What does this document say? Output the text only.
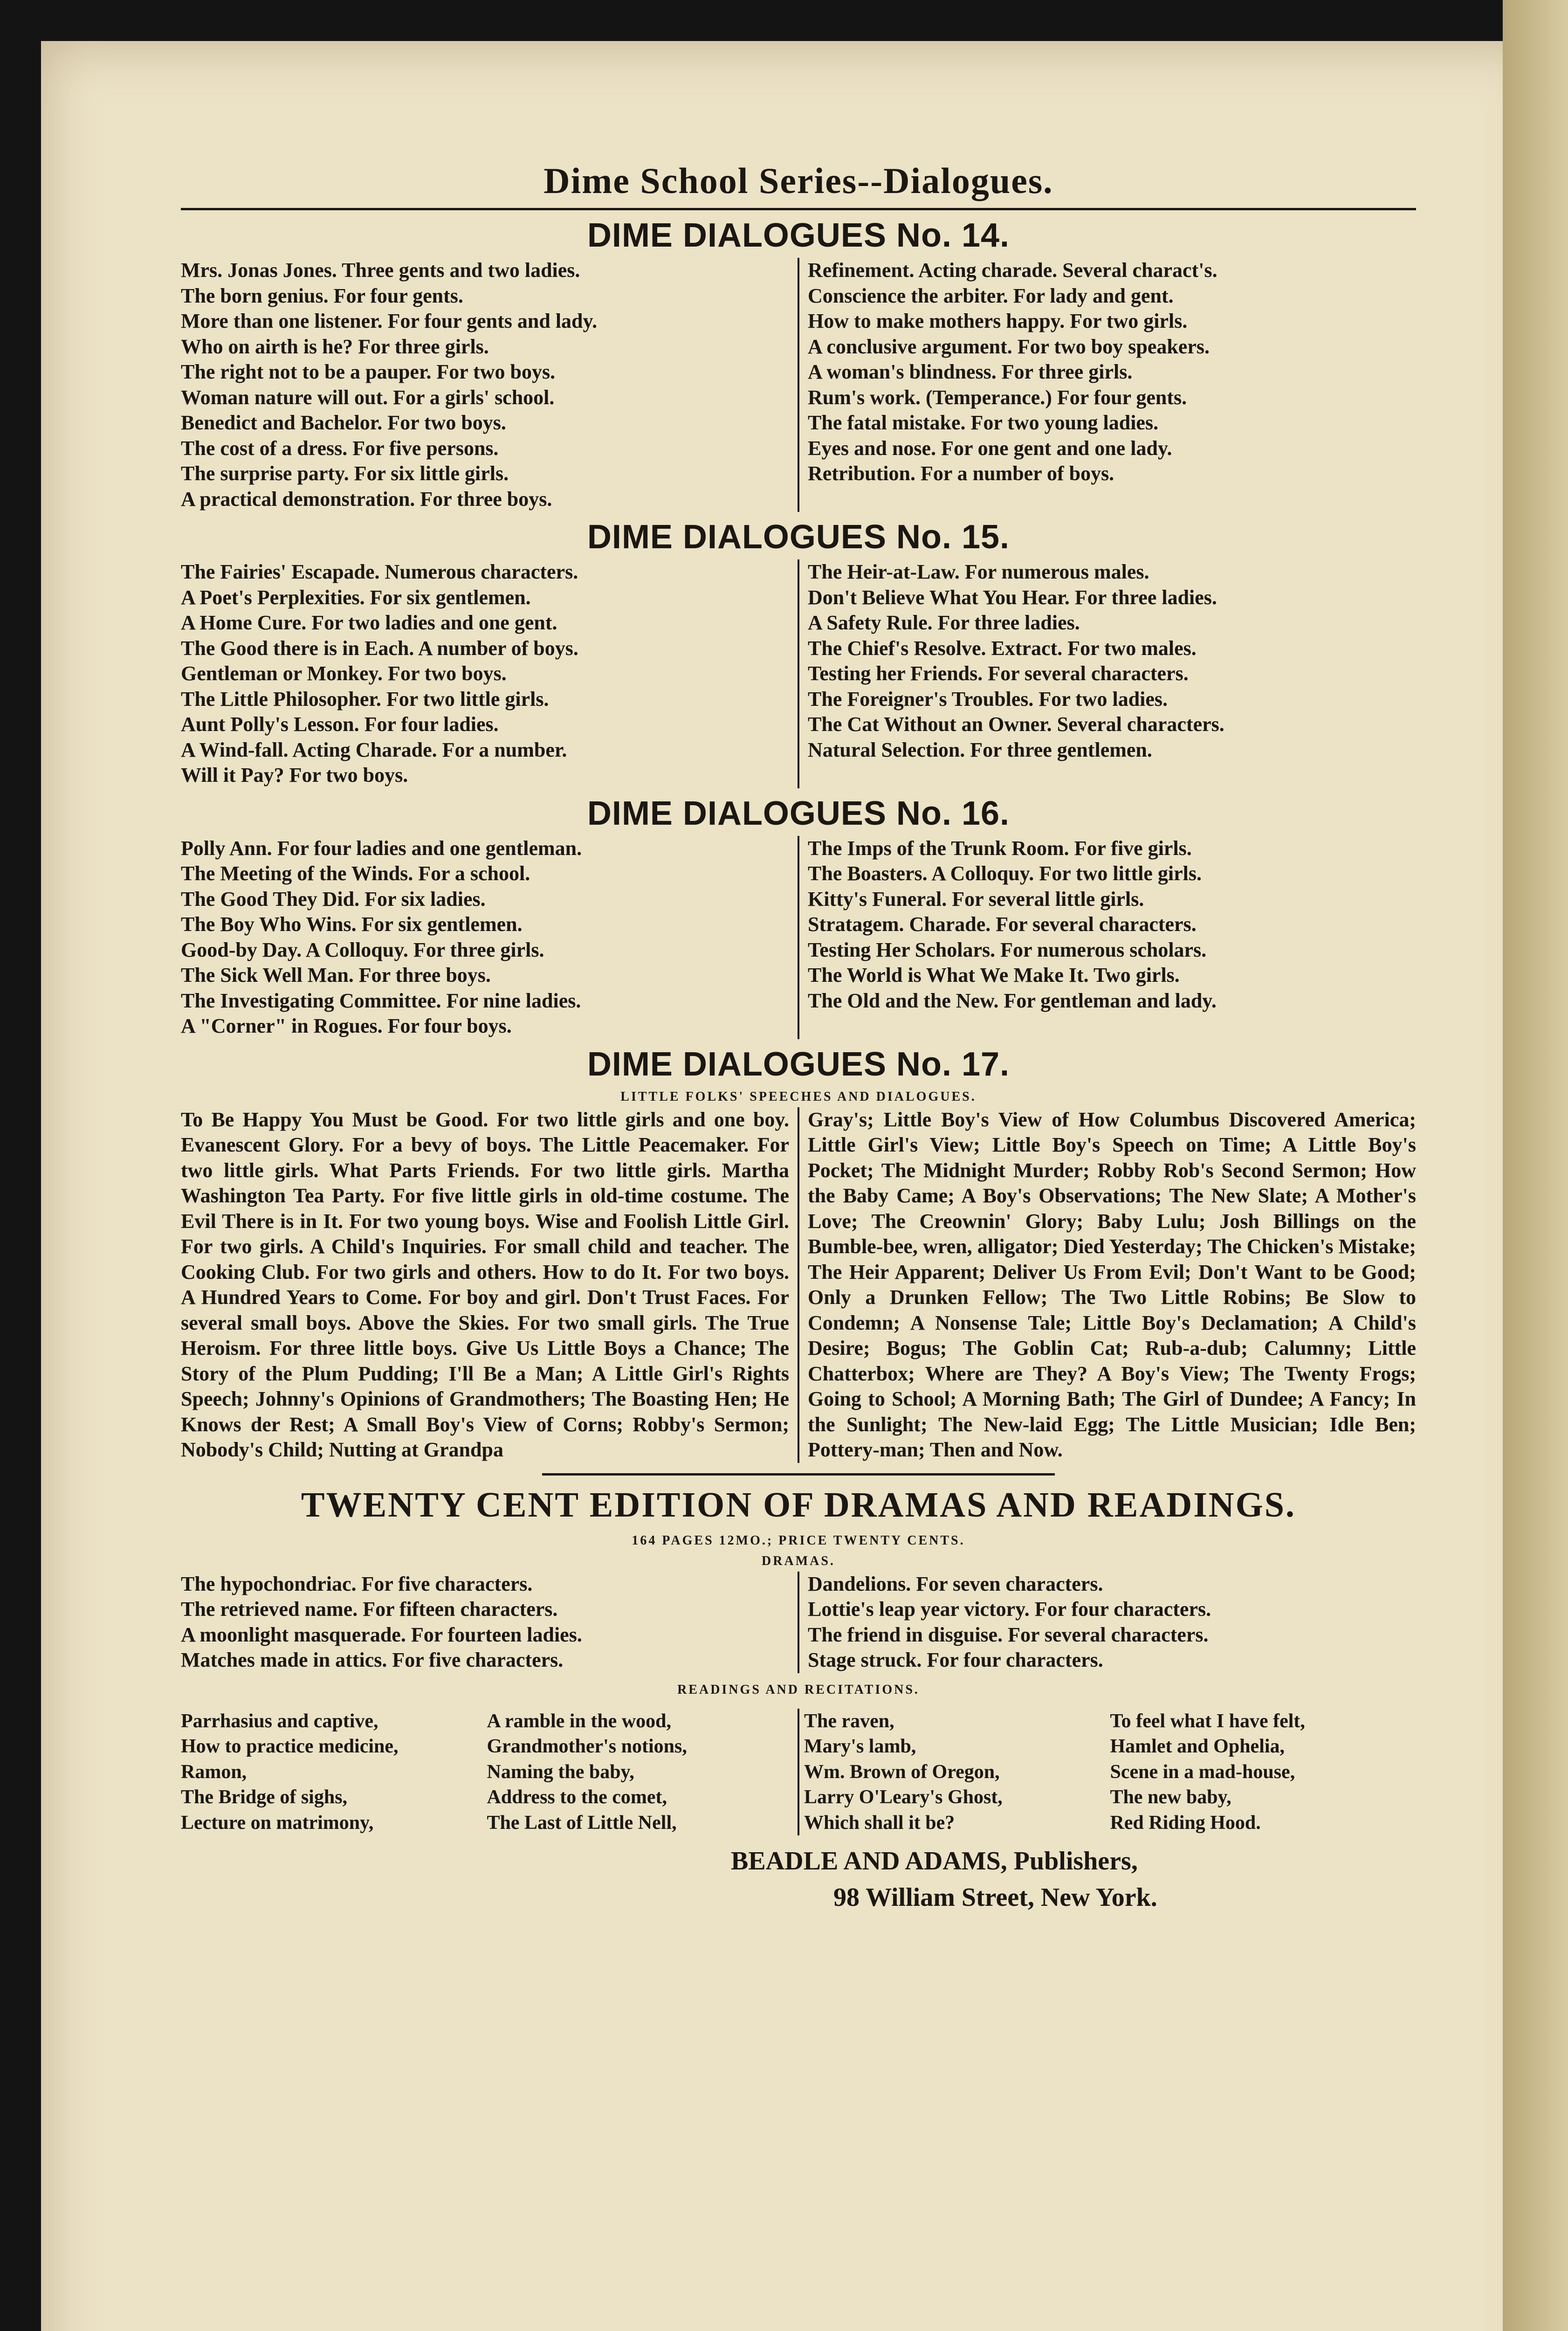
Dime School Series--Dialogues.
DIME DIALOGUES No. 14.
Mrs. Jonas Jones. Three gents and two ladies.
The born genius. For four gents.
More than one listener. For four gents and lady.
Who on airth is he? For three girls.
The right not to be a pauper. For two boys.
Woman nature will out. For a girls' school.
Benedict and Bachelor. For two boys.
The cost of a dress. For five persons.
The surprise party. For six little girls.
A practical demonstration. For three boys.
Refinement. Acting charade. Several charact's.
Conscience the arbiter. For lady and gent.
How to make mothers happy. For two girls.
A conclusive argument. For two boy speakers.
A woman's blindness. For three girls.
Rum's work. (Temperance.) For four gents.
The fatal mistake. For two young ladies.
Eyes and nose. For one gent and one lady.
Retribution. For a number of boys.
DIME DIALOGUES No. 15.
The Fairies' Escapade. Numerous characters.
A Poet's Perplexities. For six gentlemen.
A Home Cure. For two ladies and one gent.
The Good there is in Each. A number of boys.
Gentleman or Monkey. For two boys.
The Little Philosopher. For two little girls.
Aunt Polly's Lesson. For four ladies.
A Wind-fall. Acting Charade. For a number.
Will it Pay? For two boys.
The Heir-at-Law. For numerous males.
Don't Believe What You Hear. For three ladies.
A Safety Rule. For three ladies.
The Chief's Resolve. Extract. For two males.
Testing her Friends. For several characters.
The Foreigner's Troubles. For two ladies.
The Cat Without an Owner. Several characters.
Natural Selection. For three gentlemen.
DIME DIALOGUES No. 16.
Polly Ann. For four ladies and one gentleman.
The Meeting of the Winds. For a school.
The Good They Did. For six ladies.
The Boy Who Wins. For six gentlemen.
Good-by Day. A Colloquy. For three girls.
The Sick Well Man. For three boys.
The Investigating Committee. For nine ladies.
A "Corner" in Rogues. For four boys.
The Imps of the Trunk Room. For five girls.
The Boasters. A Colloquy. For two little girls.
Kitty's Funeral. For several little girls.
Stratagem. Charade. For several characters.
Testing Her Scholars. For numerous scholars.
The World is What We Make It. Two girls.
The Old and the New. For gentleman and lady.
DIME DIALOGUES No. 17.
LITTLE FOLKS' SPEECHES AND DIALOGUES.
To Be Happy You Must be Good. For two little girls and one boy. Evanescent Glory. For a bevy of boys. The Little Peacemaker. For two little girls. What Parts Friends. For two little girls. Martha Washington Tea Party. For five little girls in old-time costume. The Evil There is in It. For two young boys. Wise and Foolish Little Girl. For two girls. A Child's Inquiries. For small child and teacher. The Cooking Club. For two girls and others. How to do It. For two boys. A Hundred Years to Come. For boy and girl. Don't Trust Faces. For several small boys. Above the Skies. For two small girls. The True Heroism. For three little boys. Give Us Little Boys a Chance; The Story of the Plum Pudding; I'll Be a Man; A Little Girl's Rights Speech; Johnny's Opinions of Grandmothers; The Boasting Hen; He Knows der Rest; A Small Boy's View of Corns; Robby's Sermon; Nobody's Child; Nutting at Grandpa
Gray's; Little Boy's View of How Columbus Discovered America; Little Girl's View; Little Boy's Speech on Time; A Little Boy's Pocket; The Midnight Murder; Robby Rob's Second Sermon; How the Baby Came; A Boy's Observations; The New Slate; A Mother's Love; The Creownin' Glory; Baby Lulu; Josh Billings on the Bumble-bee, wren, alligator; Died Yesterday; The Chicken's Mistake; The Heir Apparent; Deliver Us From Evil; Don't Want to be Good; Only a Drunken Fellow; The Two Little Robins; Be Slow to Condemn; A Nonsense Tale; Little Boy's Declamation; A Child's Desire; Bogus; The Goblin Cat; Rub-a-dub; Calumny; Little Chatterbox; Where are They? A Boy's View; The Twenty Frogs; Going to School; A Morning Bath; The Girl of Dundee; A Fancy; In the Sunlight; The New-laid Egg; The Little Musician; Idle Ben; Pottery-man; Then and Now.
TWENTY CENT EDITION OF DRAMAS AND READINGS.
164 PAGES 12MO.; PRICE TWENTY CENTS.
DRAMAS.
The hypochondriac. For five characters.
The retrieved name. For fifteen characters.
A moonlight masquerade. For fourteen ladies.
Matches made in attics. For five characters.
Dandelions. For seven characters.
Lottie's leap year victory. For four characters.
The friend in disguise. For several characters.
Stage struck. For four characters.
READINGS AND RECITATIONS.
Parrhasius and captive,
How to practice medicine,
Ramon,
The Bridge of sighs,
Lecture on matrimony,
A ramble in the wood,
Grandmother's notions,
Naming the baby,
Address to the comet,
The Last of Little Nell,
The raven,
Mary's lamb,
Wm. Brown of Oregon,
Larry O'Leary's Ghost,
Which shall it be?
To feel what I have felt,
Hamlet and Ophelia,
Scene in a mad-house,
The new baby,
Red Riding Hood.
BEADLE AND ADAMS, Publishers,
98 William Street, New York.
